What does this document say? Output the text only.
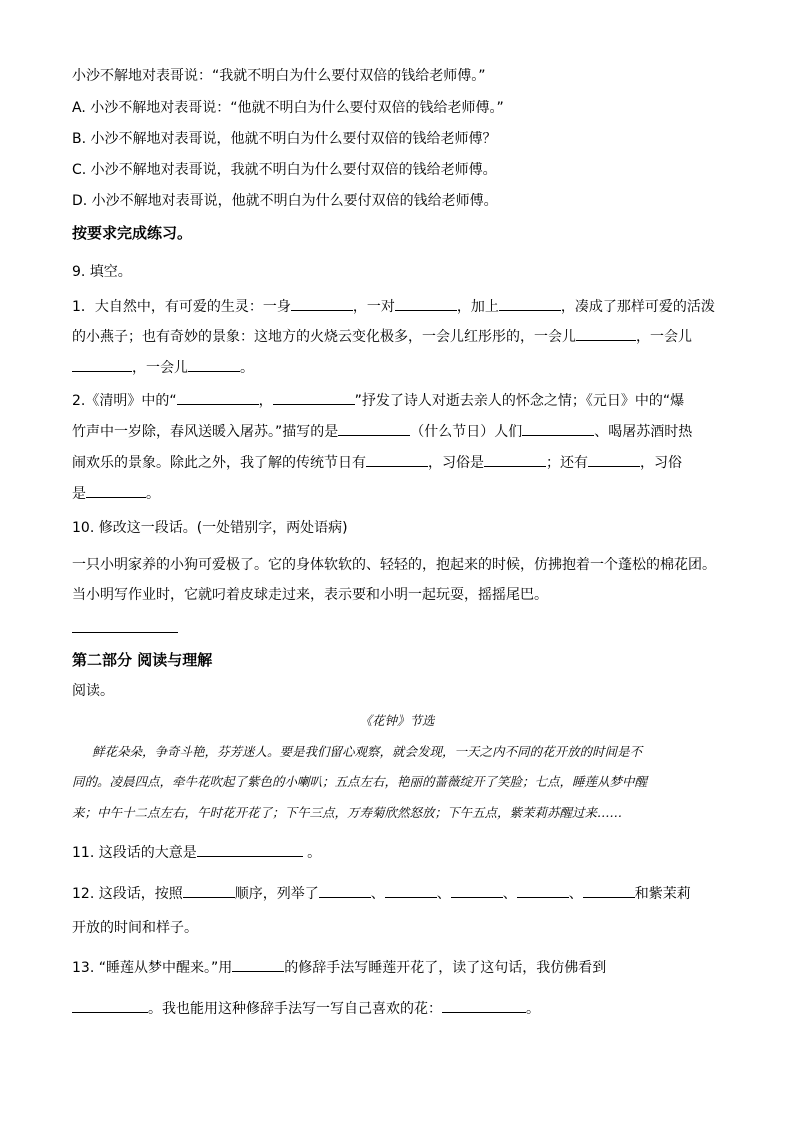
小沙不解地对表哥说：“我就不明白为什么要付双倍的钱给老师傅。”
A. 小沙不解地对表哥说：“他就不明白为什么要付双倍的钱给老师傅。”
B. 小沙不解地对表哥说，他就不明白为什么要付双倍的钱给老师傅？
C. 小沙不解地对表哥说，我就不明白为什么要付双倍的钱给老师傅。
D. 小沙不解地对表哥说，他就不明白为什么要付双倍的钱给老师傅。
按要求完成练习。
9. 填空。
1．大自然中，有可爱的生灵：一身	，一对	，加上	，凑成了那样可爱的活泼
的小燕子；也有奇妙的景象：这地方的火烧云变化极多，一会儿红彤彤的，一会儿	，一会儿
，一会儿	。
2.《清明》中的“	，	”抒发了诗人对逝去亲人的怀念之情；《元日》中的“爆
竹声中一岁除，春风送暖入屠苏。”描写的是	（什么节日）人们	、喝屠苏酒时热
闹欢乐的景象。除此之外，我了解的传统节日有	，习俗是	；还有	，习俗
是	。
10. 修改这一段话。(一处错别字，两处语病)
一只小明家养的小狗可爱极了。它的身体软软的、轻轻的，抱起来的时候，仿拂抱着一个蓬松的棉花团。
当小明写作业时，它就叼着皮球走过来，表示要和小明一起玩耍，摇摇尾巴。
第二部分 阅读与理解
阅读。
《花钟》节选
鲜花朵朵，争奇斗艳，芬芳迷人。要是我们留心观察，就会发现，一天之内不同的花开放的时间是不
同的。凌晨四点，牵牛花吹起了紫色的小喇叭；五点左右，艳丽的蔷薇绽开了笑脸；七点，睡莲从梦中醒
来；中午十二点左右，午时花开花了；下午三点，万寿菊欣然怒放；下午五点，紫茉莉苏醒过来……
11. 这段话的大意是	。
12. 这段话，按照	顺序，列举了	、	、	、	、	和紫茉莉
开放的时间和样子。
13. “睡莲从梦中醒来。”用	的修辞手法写睡莲开花了，读了这句话，我仿佛看到
。我也能用这种修辞手法写一写自己喜欢的花：	。
